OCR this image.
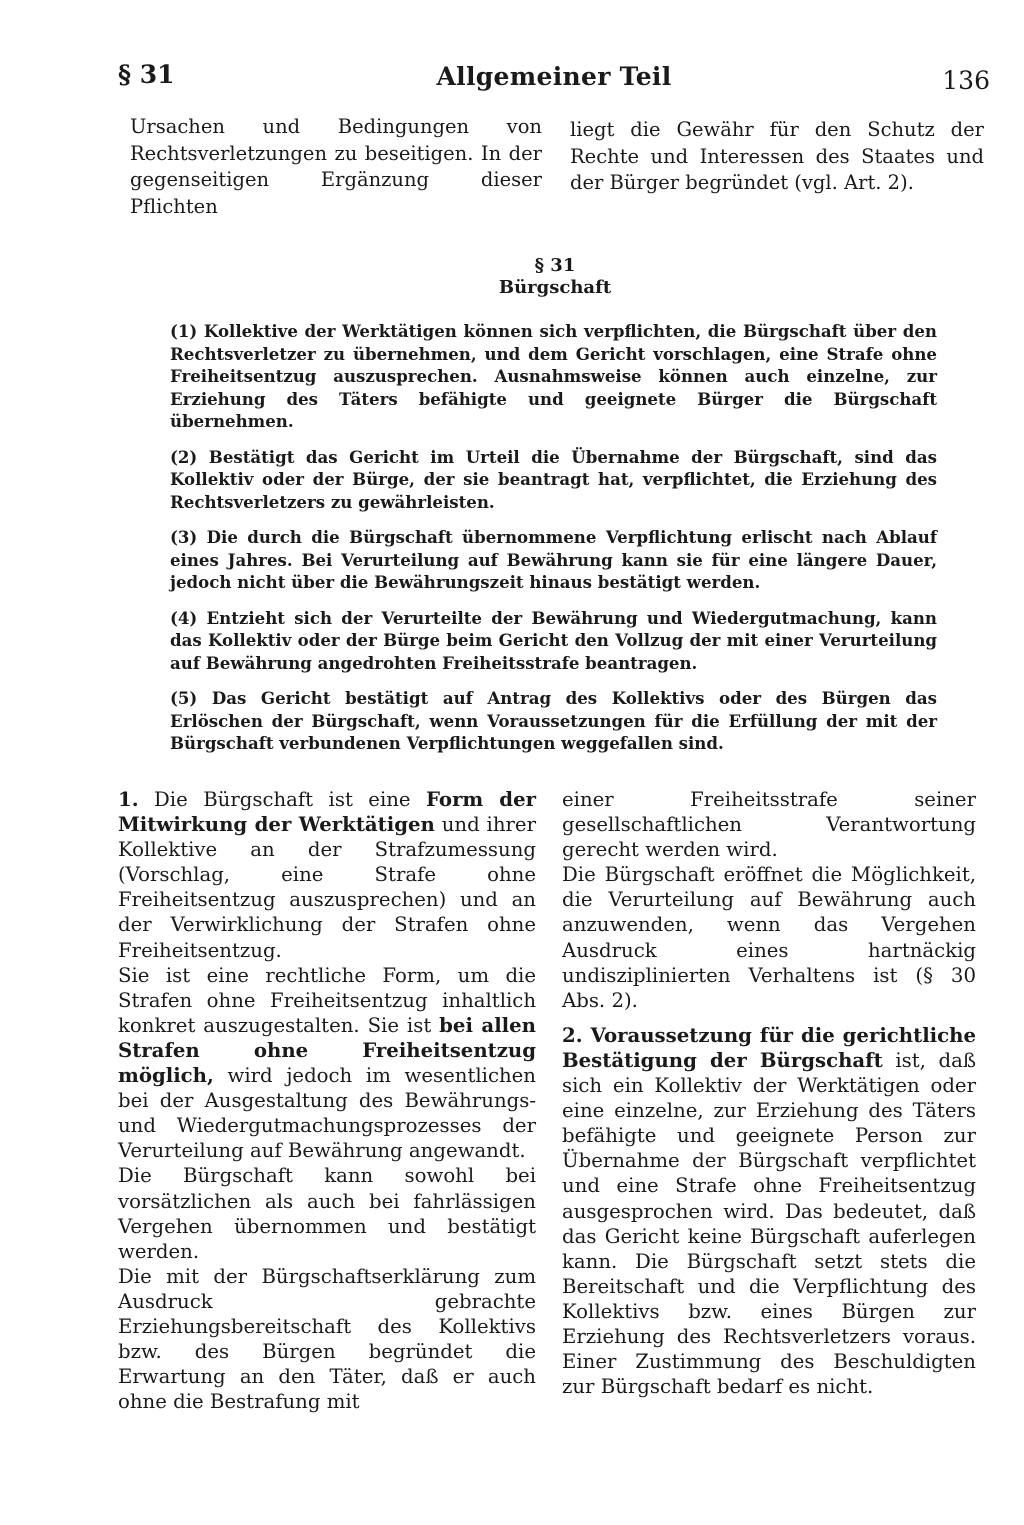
§ 31	Allgemeiner Teil	136
Ursachen und Bedingungen von Rechtsverletzungen zu beseitigen. In der gegenseitigen Ergänzung dieser Pflichten
liegt die Gewähr für den Schutz der Rechte und Interessen des Staates und der Bürger begründet (vgl. Art. 2).
§ 31
Bürgschaft

(1) Kollektive der Werktätigen können sich verpflichten, die Bürgschaft über den Rechtsverletzer zu übernehmen, und dem Gericht vorschlagen, eine Strafe ohne Freiheitsentzug auszusprechen. Ausnahmsweise können auch einzelne, zur Erziehung des Täters befähigte und geeignete Bürger die Bürgschaft übernehmen.

(2) Bestätigt das Gericht im Urteil die Übernahme der Bürgschaft, sind das Kollektiv oder der Bürge, der sie beantragt hat, verpflichtet, die Erziehung des Rechtsverletzers zu gewährleisten.

(3) Die durch die Bürgschaft übernommene Verpflichtung erlischt nach Ablauf eines Jahres. Bei Verurteilung auf Bewährung kann sie für eine längere Dauer, jedoch nicht über die Bewährungszeit hinaus bestätigt werden.

(4) Entzieht sich der Verurteilte der Bewährung und Wiedergutmachung, kann das Kollektiv oder der Bürge beim Gericht den Vollzug der mit einer Verurteilung auf Bewährung angedrohten Freiheitsstrafe beantragen.

(5) Das Gericht bestätigt auf Antrag des Kollektivs oder des Bürgen das Erlöschen der Bürgschaft, wenn Voraussetzungen für die Erfüllung der mit der Bürgschaft verbundenen Verpflichtungen weggefallen sind.

1. Die Bürgschaft ist eine Form der Mitwirkung der Werktätigen und ihrer Kollektive an der Strafzumessung (Vorschlag, eine Strafe ohne Freiheitsentzug auszusprechen) und an der Verwirklichung der Strafen ohne Freiheitsentzug.

Sie ist eine rechtliche Form, um die Strafen ohne Freiheitsentzug inhaltlich konkret auszugestalten. Sie ist bei allen Strafen ohne Freiheitsentzug möglich, wird jedoch im wesentlichen bei der Ausgestaltung des Bewährungs- und Wiedergutmachungsprozesses der Verurteilung auf Bewährung angewandt.

Die Bürgschaft kann sowohl bei vorsätzlichen als auch bei fahrlässigen Vergehen übernommen und bestätigt werden.

Die mit der Bürgschaftserklärung zum Ausdruck gebrachte Erziehungsbereitschaft des Kollektivs bzw. des Bürgen begründet die Erwartung an den Täter, daß er auch ohne die Bestrafung mit

einer Freiheitsstrafe seiner gesellschaftlichen Verantwortung gerecht werden wird.

Die Bürgschaft eröffnet die Möglichkeit, die Verurteilung auf Bewährung auch anzuwenden, wenn das Vergehen Ausdruck eines hartnäckig undisziplinierten Verhaltens ist (§ 30 Abs. 2).

2. Voraussetzung für die gerichtliche Bestätigung der Bürgschaft ist, daß sich ein Kollektiv der Werktätigen oder eine einzelne, zur Erziehung des Täters befähigte und geeignete Person zur Übernahme der Bürgschaft verpflichtet und eine Strafe ohne Freiheitsentzug ausgesprochen wird. Das bedeutet, daß das Gericht keine Bürgschaft auferlegen kann. Die Bürgschaft setzt stets die Bereitschaft und die Verpflichtung des Kollektivs bzw. eines Bürgen zur Erziehung des Rechtsverletzers voraus. Einer Zustimmung des Beschuldigten zur Bürgschaft bedarf es nicht.
